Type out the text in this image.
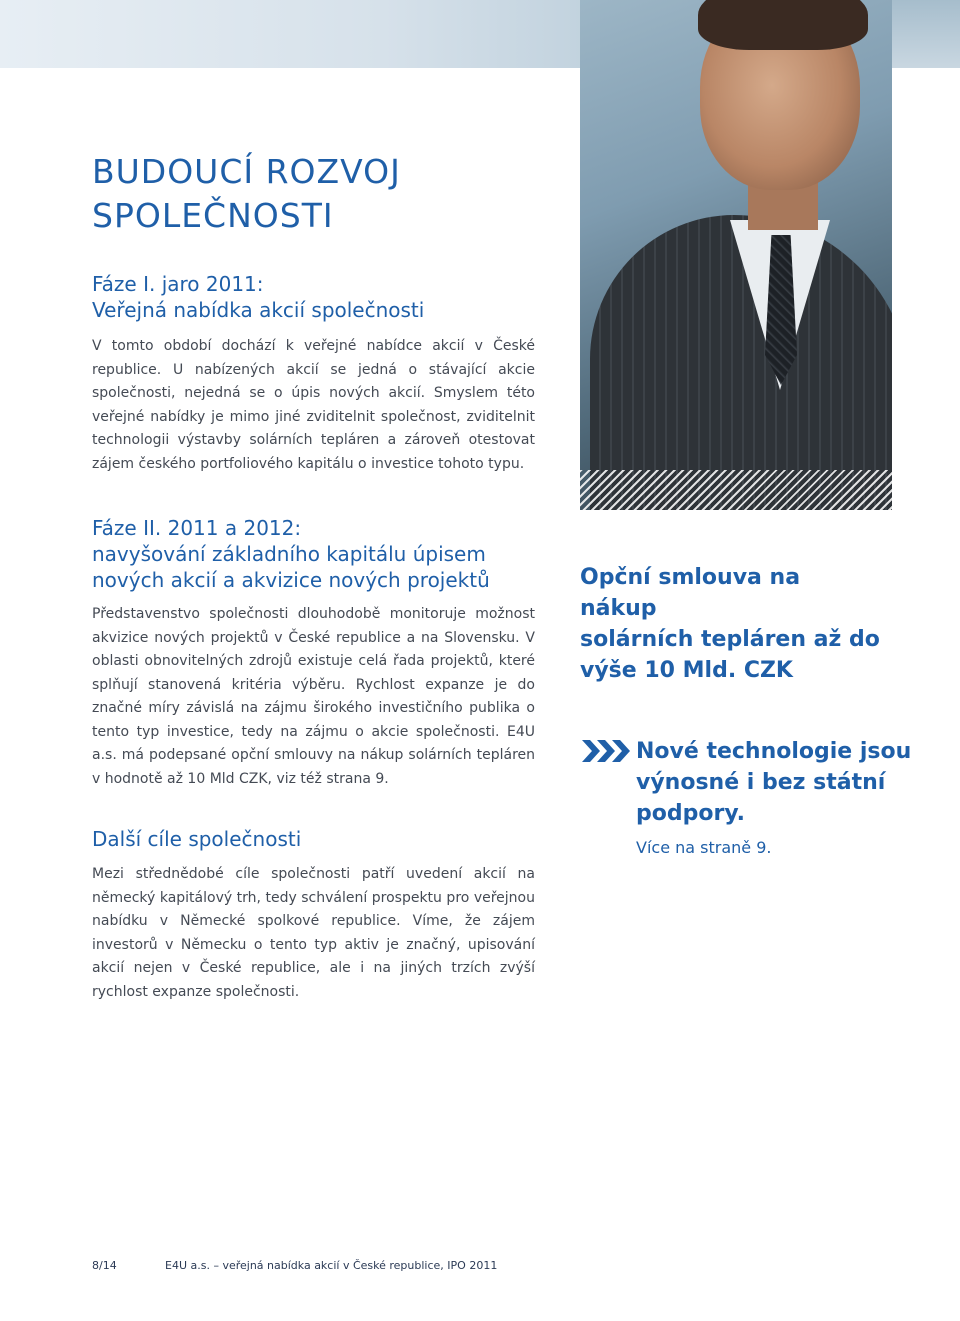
BUDOUCÍ ROZVOJ
SPOLEČNOSTI
Fáze I. jaro 2011:
Veřejná nabídka akcií společnosti

V tomto období dochází k veřejné nabídce akcií v České republice. U nabízených akcií se jedná o stávající akcie společnosti, nejedná se o úpis nových akcií. Smyslem této veřejné nabídky je mimo jiné zviditelnit společnost, zviditelnit technologii výstavby solárních tepláren a zároveň otestovat zájem českého portfoliového kapitálu o investice tohoto typu.

Fáze II. 2011 a 2012:
navyšování základního kapitálu úpisem
nových akcií a akvizice nových projektů

Představenstvo společnosti dlouhodobě monitoruje možnost akvizice nových projektů v České republice a na Slovensku. V oblasti obnovitelných zdrojů existuje celá řada projektů, které splňují stanovená kritéria výběru. Rychlost expanze je do značné míry závislá na zájmu širokého investičního publika o tento typ investice, tedy na zájmu o akcie společnosti. E4U a.s. má podepsané opční smlouvy na nákup solárních tepláren v hodnotě až 10 Mld CZK, viz též strana 9.

Další cíle společnosti

Mezi střednědobé cíle společnosti patří uvedení akcií na německý kapitálový trh, tedy schválení prospektu pro veřejnou nabídku v Německé spolkové republice. Víme, že zájem investorů v Německu o tento typ aktiv je značný, upisování akcií nejen v České republice, ale i na jiných trzích zvýší rychlost expanze společnosti.

Opční smlouva na nákup
solárních tepláren až do
výše 10 Mld. CZK
Nové technologie jsou
výnosné i bez státní
podpory.
Více na straně 9.
8/14	E4U a.s. – veřejná nabídka akcií v České republice, IPO 2011
